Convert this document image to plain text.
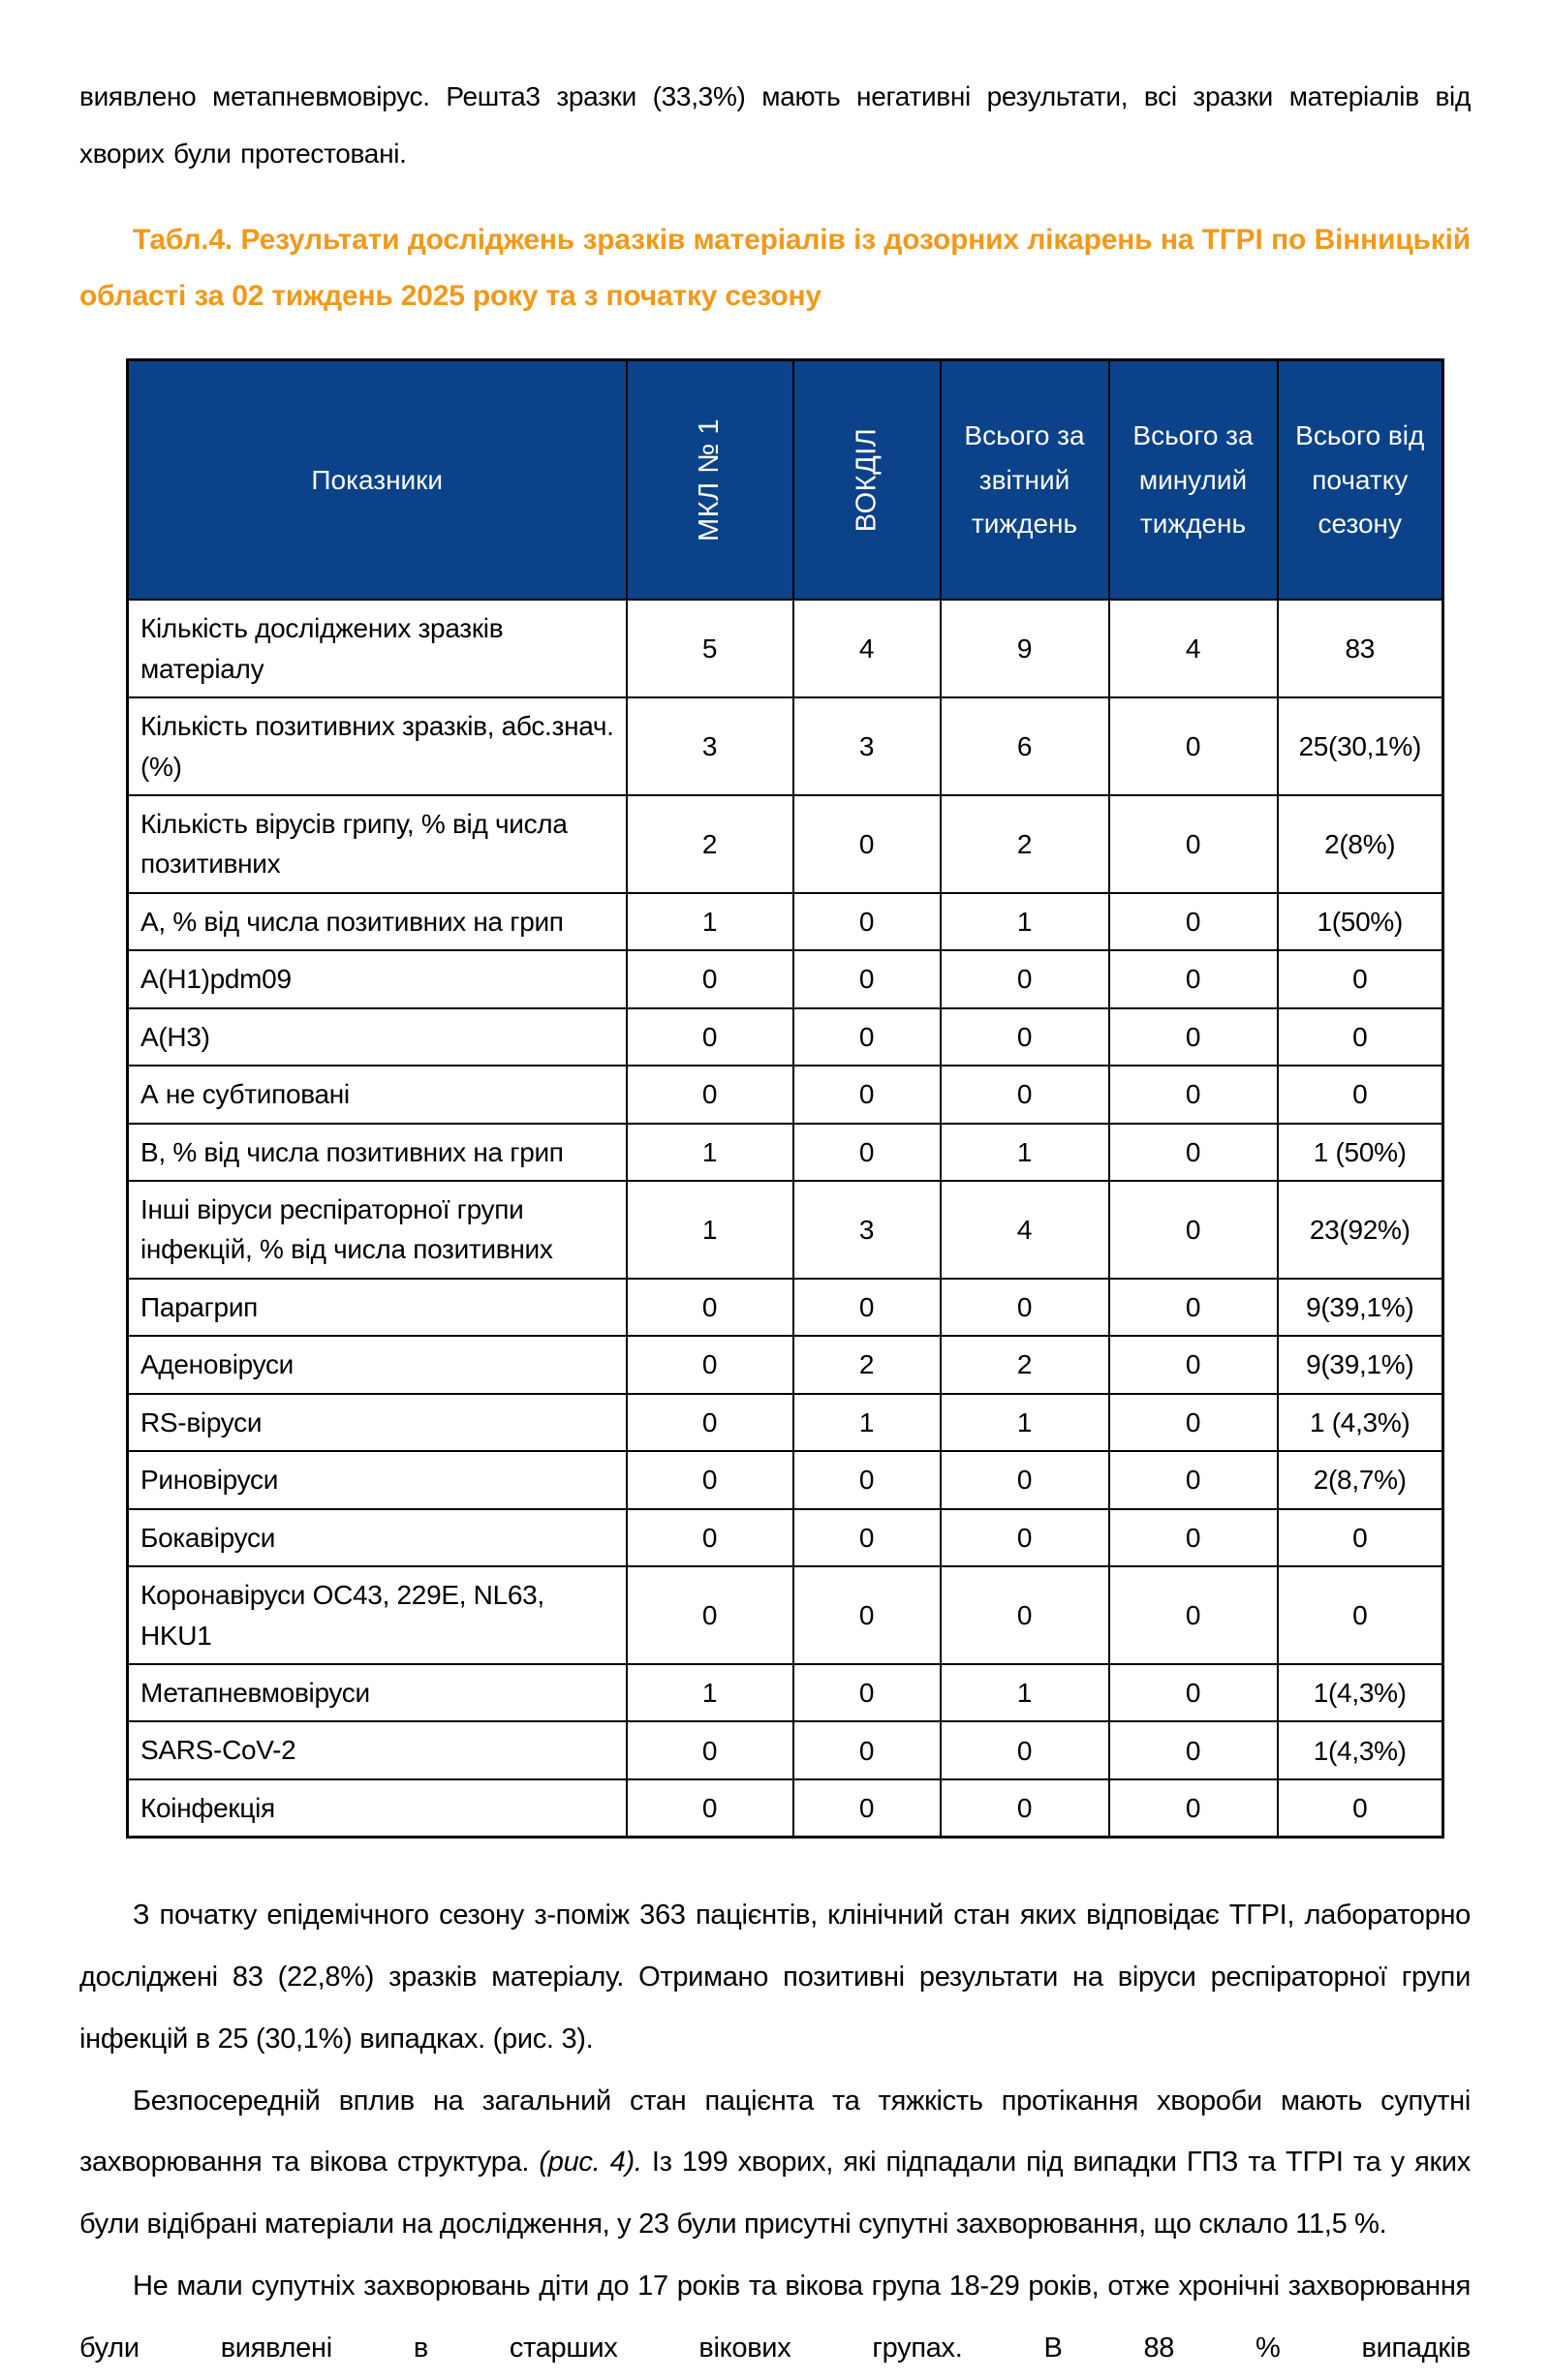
виявлено метапневмовірус. Решта3 зразки (33,3%) мають негативні результати, всі зразки матеріалів від хворих були протестовані.

Табл.4. Результати досліджень зразків матеріалів із дозорних лікарень на ТГРІ по Вінницькій області за 02 тиждень 2025 року та з початку сезону

Показники	МКЛ № 1	ВОКДІЛ	Всього за звітний тиждень	Всього за минулий тиждень	Всього від початку сезону
Кількість досліджених зразків матеріалу	5	4	9	4	83
Кількість позитивних зразків, абс.знач. (%)	3	3	6	0	25(30,1%)
Кількість вірусів грипу, % від числа позитивних	2	0	2	0	2(8%)
А, % від числа позитивних на грип	1	0	1	0	1(50%)
A(H1)pdm09	0	0	0	0	0
A(H3)	0	0	0	0	0
А не субтиповані	0	0	0	0	0
В, % від числа позитивних на грип	1	0	1	0	1 (50%)
Інші віруси респіраторної групи інфекцій, % від числа позитивних	1	3	4	0	23(92%)
Парагрип	0	0	0	0	9(39,1%)
Аденовіруси	0	2	2	0	9(39,1%)
RS-віруси	0	1	1	0	1 (4,3%)
Риновіруси	0	0	0	0	2(8,7%)
Бокавіруси	0	0	0	0	0
Коронавіруси ОС43, 229Е, NL63, HKU1	0	0	0	0	0
Метапневмовіруси	1	0	1	0	1(4,3%)
SARS-CoV-2	0	0	0	0	1(4,3%)
Коінфекція	0	0	0	0	0

З початку епідемічного сезону з-поміж 363 пацієнтів, клінічний стан яких відповідає ТГРІ, лабораторно досліджені 83 (22,8%) зразків матеріалу. Отримано позитивні результати на віруси респіраторної групи інфекцій в 25 (30,1%) випадках. (рис. 3).

Безпосередній вплив на загальний стан пацієнта та тяжкість протікання хвороби мають супутні захворювання та вікова структура. (рис. 4). Із 199 хворих, які підпадали під випадки ГПЗ та ТГРІ та у яких були відібрані матеріали на дослідження, у 23 були присутні супутні захворювання, що склало 11,5 %.

Не мали супутніх захворювань діти до 17 років та вікова група 18-29 років, отже хронічні захворювання були виявлені в старших вікових групах. В 88 % випадків
